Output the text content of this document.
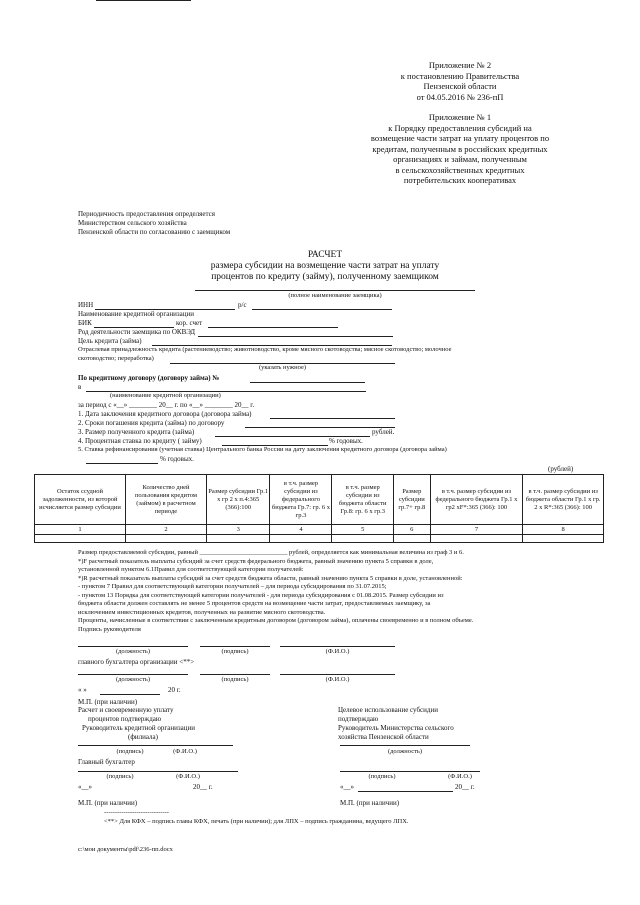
Приложение № 2
к постановлению Правительства
Пензенской области
от 04.05.2016 № 236-пП
Приложение № 1
к Порядку предоставления субсидий на
возмещение части затрат на уплату процентов по
кредитам, полученным в российских кредитных
организациях и займам, полученным
в сельскохозяйственных кредитных
потребительских кооперативах
Периодичность предоставления определяется
Министерством сельского хозяйства
Пензенской области по согласованию с заемщиком
РАСЧЕТ
размера субсидии на возмещение части затрат на уплату
процентов по кредиту (займу), полученному заемщиком
(полное наименование заемщика)
ИНН	р/с
Наименование кредитной организации
БИК	кор. счет
Род деятельности заемщика по ОКВЭД
Цель кредита (займа)
Отраслевая принадлежность кредита (растениеводство; животноводство, кроме мясного скотоводства; мясное скотоводство; молочное
скотоводство; переработка)
(указать нужное)
По кредитному договору (договору займа) №
в
(наименование кредитной организации)
за период с «__» ________ 20__ г. по «__» ________ 20__ г.
1. Дата заключения кредитного договора (договора займа)
2. Сроки погашения кредита (займа) по договору
3. Размер полученного кредита (займа)	рублей.
4. Процентная ставка по кредиту ( займу)	% годовых.
5. Ставка рефинансирования (учетная ставка) Центрального банка России на дату заключения кредитного договора (договора займа)
% годовых.
(рублей)
Остаток ссудной задолженности, из которой исчисляется размер субсидии	Количество дней пользования кредитом (займом) в расчетном периоде	Размер субсидии Гр.1 х гр 2 х п.4:365 (366):100	в т.ч. размер субсидии из федерального бюджета Гр.7: гр. 6 х гр.3	в т.ч. размер субсидии из бюджета области Гр.8: гр. 6 х гр.3	Размер субсидии гр.7+ гр.8	в т.ч. размер субсидии из федерального бюджета Гр.1 х гр2 хF*:365 (366): 100	в т.ч. размер субсидии из бюджета области Гр.1 х гр. 2 х R*:365 (366): 100
1	2	3	4	5	6	7	8

Размер предоставляемой субсидии, равный ___________________________ рублей, определяется как минимальная величина из граф 3 и 6.
*)F расчетный показатель выплаты субсидий за счет средств федерального бюджета, равный значению пункта 5 справки в доле,
установленной пунктом 6.1Правил для соответствующей категории получателей:
*)R расчетный показатель выплаты субсидий за счет средств бюджета области, равный значению пункта 5 справки в доле, установленной:
- пунктом 7 Правил для соответствующей категории получателей – для периода субсидирования по 31.07.2015;
- пунктом 13 Порядка для соответствующей категории получателей - для периода субсидирования с 01.08.2015. Размер субсидии из
бюджета области должен составлять не менее 5 процентов средств на возмещение части затрат, предоставляемых заемщику, за
исключением инвестиционных кредитов, полученных на развитие мясного скотоводства.
Проценты, начисленные в соответствии с заключенным кредитным договором (договором займа), оплачены своевременно и в полном объеме.
Подпись руководителя
(должность)	(подпись)	(Ф.И.О.)
главного бухгалтера организации <**>
(должность)	(подпись)	(Ф.И.О.)
« »	20 г.
М.П. (при наличии)
Расчет и своевременную уплату
процентов подтверждаю
Руководитель кредитной организации
(филиала)
Целевое использование субсидии
подтверждаю
Руководитель Министерства сельского
хозяйства Пензенской области
(должность)
(подпись)	(Ф.И.О.)
Главный бухгалтер
(подпись)	(Ф.И.О.)	(подпись)	(Ф.И.О.)
«__»	20__ г.	«__»	20__ г.
М.П. (при наличии)	М.П. (при наличии)
------------------------------
<**> Для КФХ – подпись главы КФХ, печать (при наличии); для ЛПХ – подпись гражданина, ведущего ЛПХ.
c:\мои документы\pdf\236-пп.docx
